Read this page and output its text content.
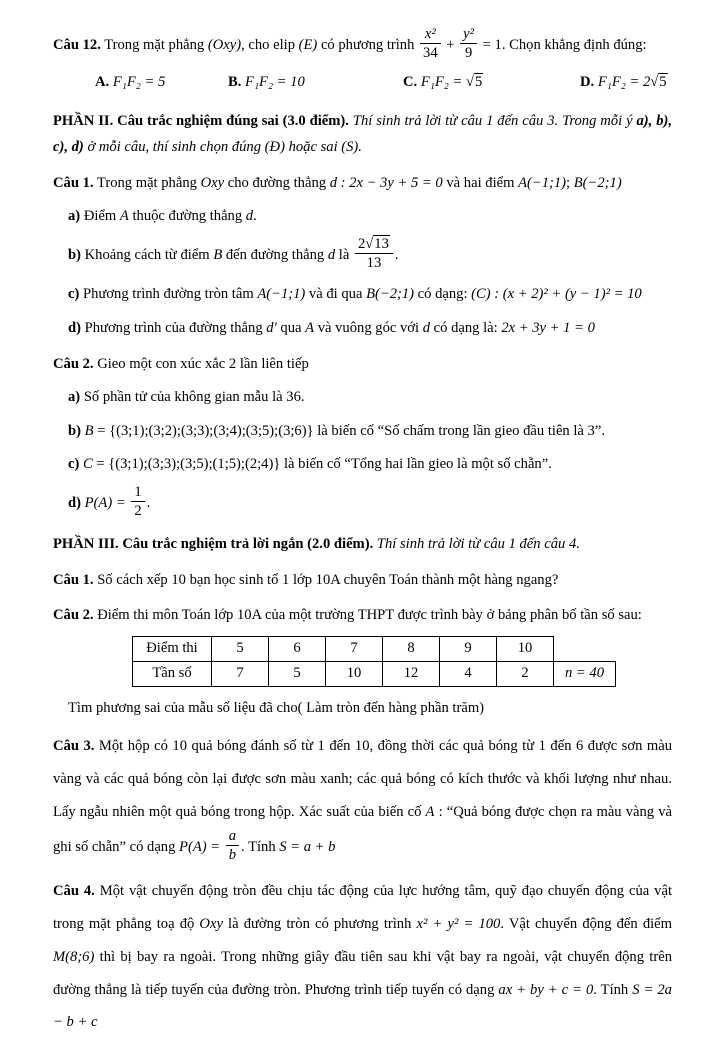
Câu 12. Trong mặt phẳng (Oxy), cho elip (E) có phương trình $\frac{\text{x²}}{34} + \frac{\text{y²}}{9} = 1$. Chọn khẳng định đúng:

A. F₁F₂ = 5	B. F₁F₂ = 10	C. F₁F₂ = √ 5	D. F₁F₂ = 2 √ 5

PHẦN II. Câu trắc nghiệm đúng sai (3.0 điểm). Thí sinh trả lời từ câu 1 đến câu 3. Trong mỗi ý a), b), c), d) ở mỗi câu, thí sinh chọn đúng (Đ) hoặc sai (S).

Câu 1. Trong mặt phẳng Oxy cho đường thẳng d : 2x − 3y + 5 = 0 và hai điểm A(−1;1); B(−2;1)

a) Điểm A thuộc đường thẳng d.

b) Khoảng cách từ điểm B đến đường thẳng d là $\frac{2 √ 13}{13}$ .

c) Phương trình đường tròn tâm A(−1;1) và đi qua B(−2;1) có dạng: (C) : (x + 2)² + (y − 1)² = 10

d) Phương trình của đường thẳng d′ qua A và vuông góc với d có dạng là: 2x + 3y + 1 = 0

Câu 2. Gieo một con xúc xắc 2 lần liên tiếp

a) Số phần tử của không gian mẫu là 36.

b) B = {(3;1);(3;2);(3;3);(3;4);(3;5);(3;6)} là biến cố “Số chấm trong lần gieo đầu tiên là 3”.

c) C = {(3;1);(3;3);(3;5);(1;5);(2;4)} là biến cố “Tổng hai lần gieo là một số chẵn”.

d) $P(A) = \frac{1}{2}$ .

PHẦN III. Câu trắc nghiệm trả lời ngắn (2.0 điểm). Thí sinh trả lời từ câu 1 đến câu 4.

Câu 1. Số cách xếp 10 bạn học sinh tổ 1 lớp 10A chuyên Toán thành một hàng ngang?

Câu 2. Điểm thi môn Toán lớp 10A của một trường THPT được trình bày ở bảng phân bố tần số sau:

Điểm thi	5	6	7	8	9	10	
Tần số	7	5	10	12	4	2	n = 40

Tìm phương sai của mẫu số liệu đã cho( Làm tròn đến hàng phần trăm)

Câu 3. Một hộp có 10 quả bóng đánh số từ 1 đến 10, đồng thời các quả bóng từ 1 đến 6 được sơn màu vàng và các quả bóng còn lại được sơn màu xanh; các quả bóng có kích thước và khối lượng như nhau. Lấy ngẫu nhiên một quả bóng trong hộp. Xác suất của biến cố A : “Quả bóng được chọn ra màu vàng và ghi số chẵn” có dạng $P(A) = \frac{a}{b}$ . Tính S = a + b

Câu 4. Một vật chuyển động tròn đều chịu tác động của lực hướng tâm, quỹ đạo chuyển động của vật trong mặt phẳng toạ độ Oxy là đường tròn có phương trình x² + y² = 100. Vật chuyển động đến điểm M(8;6) thì bị bay ra ngoài. Trong những giây đầu tiên sau khi vật bay ra ngoài, vật chuyển động trên đường thẳng là tiếp tuyến của đường tròn. Phương trình tiếp tuyến có dạng ax + by + c = 0. Tính S = 2a − b + c
